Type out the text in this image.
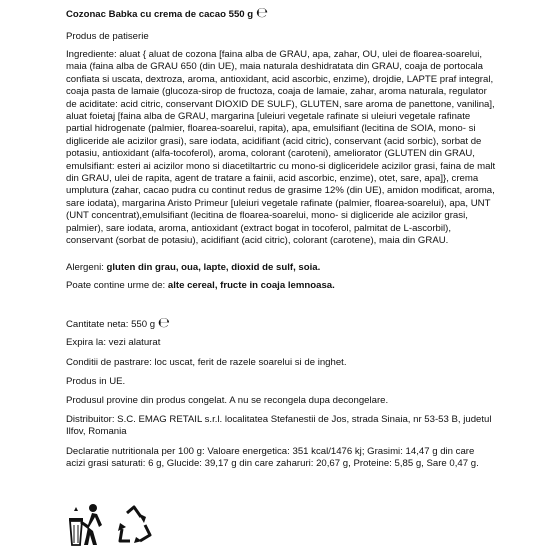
Cozonac Babka cu crema de cacao 550 g ℮

Produs de patiserie

Ingrediente: aluat { aluat de cozona [faina alba de GRAU, apa, zahar, OU, ulei de floarea-soarelui, maia (faina alba de GRAU 650 (din UE), maia naturala deshidratata din GRAU, coaja de portocala confiata si uscata, dextroza, aroma, antioxidant, acid ascorbic, enzime), drojdie, LAPTE praf integral, coaja pasta de lamaie (glucoza-sirop de fructoza, coaja de lamaie, zahar, aroma naturala, regulator de aciditate: acid citric, conservant DIOXID DE SULF), GLUTEN, sare aroma de panettone, vanilina], aluat foietaj [faina alba de GRAU, margarina [uleiuri vegetale rafinate si uleiuri vegetale rafinate partial hidrogenate (palmier, floarea-soarelui, rapita), apa, emulsifiant (lecitina de SOIA, mono- si digliceride ale acizilor grasi), sare iodata, acidifiant (acid citric), conservant (acid sorbic), sorbat de potasiu, antioxidant (alfa-tocoferol), aroma, colorant (caroteni), ameliorator (GLUTEN din GRAU, emulsifiant: esteri ai acizilor mono si diacetiltartric cu mono-si digliceridele acizilor grasi, faina de malt din GRAU, ulei de rapita, agent de tratare a fainii, acid ascorbic, enzime), otet, sare, apa]}, crema umplutura (zahar, cacao pudra cu continut redus de grasime 12% (din UE), amidon modificat, aroma, sare iodata), margarina Aristo Primeur [uleiuri vegetale rafinate (palmier, floarea-soarelui), apa, UNT (UNT concentrat),emulsifiant (lecitina de floarea-soarelui, mono- si digliceride ale acizilor grasi, palmier), sare iodata, aroma, antioxidant (extract bogat in tocoferol, palmitat de L-ascorbil), conservant (sorbat de potasiu), acidifiant (acid citric), colorant (carotene), maia din GRAU.

Alergeni: gluten din grau, oua, lapte, dioxid de sulf, soia.

Poate contine urme de: alte cereal, fructe in coaja lemnoasa.

Cantitate neta: 550 g ℮

Expira la: vezi alaturat

Conditii de pastrare: loc uscat, ferit de razele soarelui si de inghet.

Produs in UE.

Produsul provine din produs congelat. A nu se recongela dupa decongelare.

Distribuitor: S.C. EMAG RETAIL s.r.l. localitatea Stefanestii de Jos, strada Sinaia, nr 53-53 B, judetul Ilfov, Romania

Declaratie nutritionala per 100 g: Valoare energetica: 351 kcal/1476 kj; Grasimi: 14,47 g din care acizi grasi saturati: 6 g, Glucide: 39,17 g din care zaharuri: 20,67 g, Proteine: 5,85 g, Sare 0,47 g.
